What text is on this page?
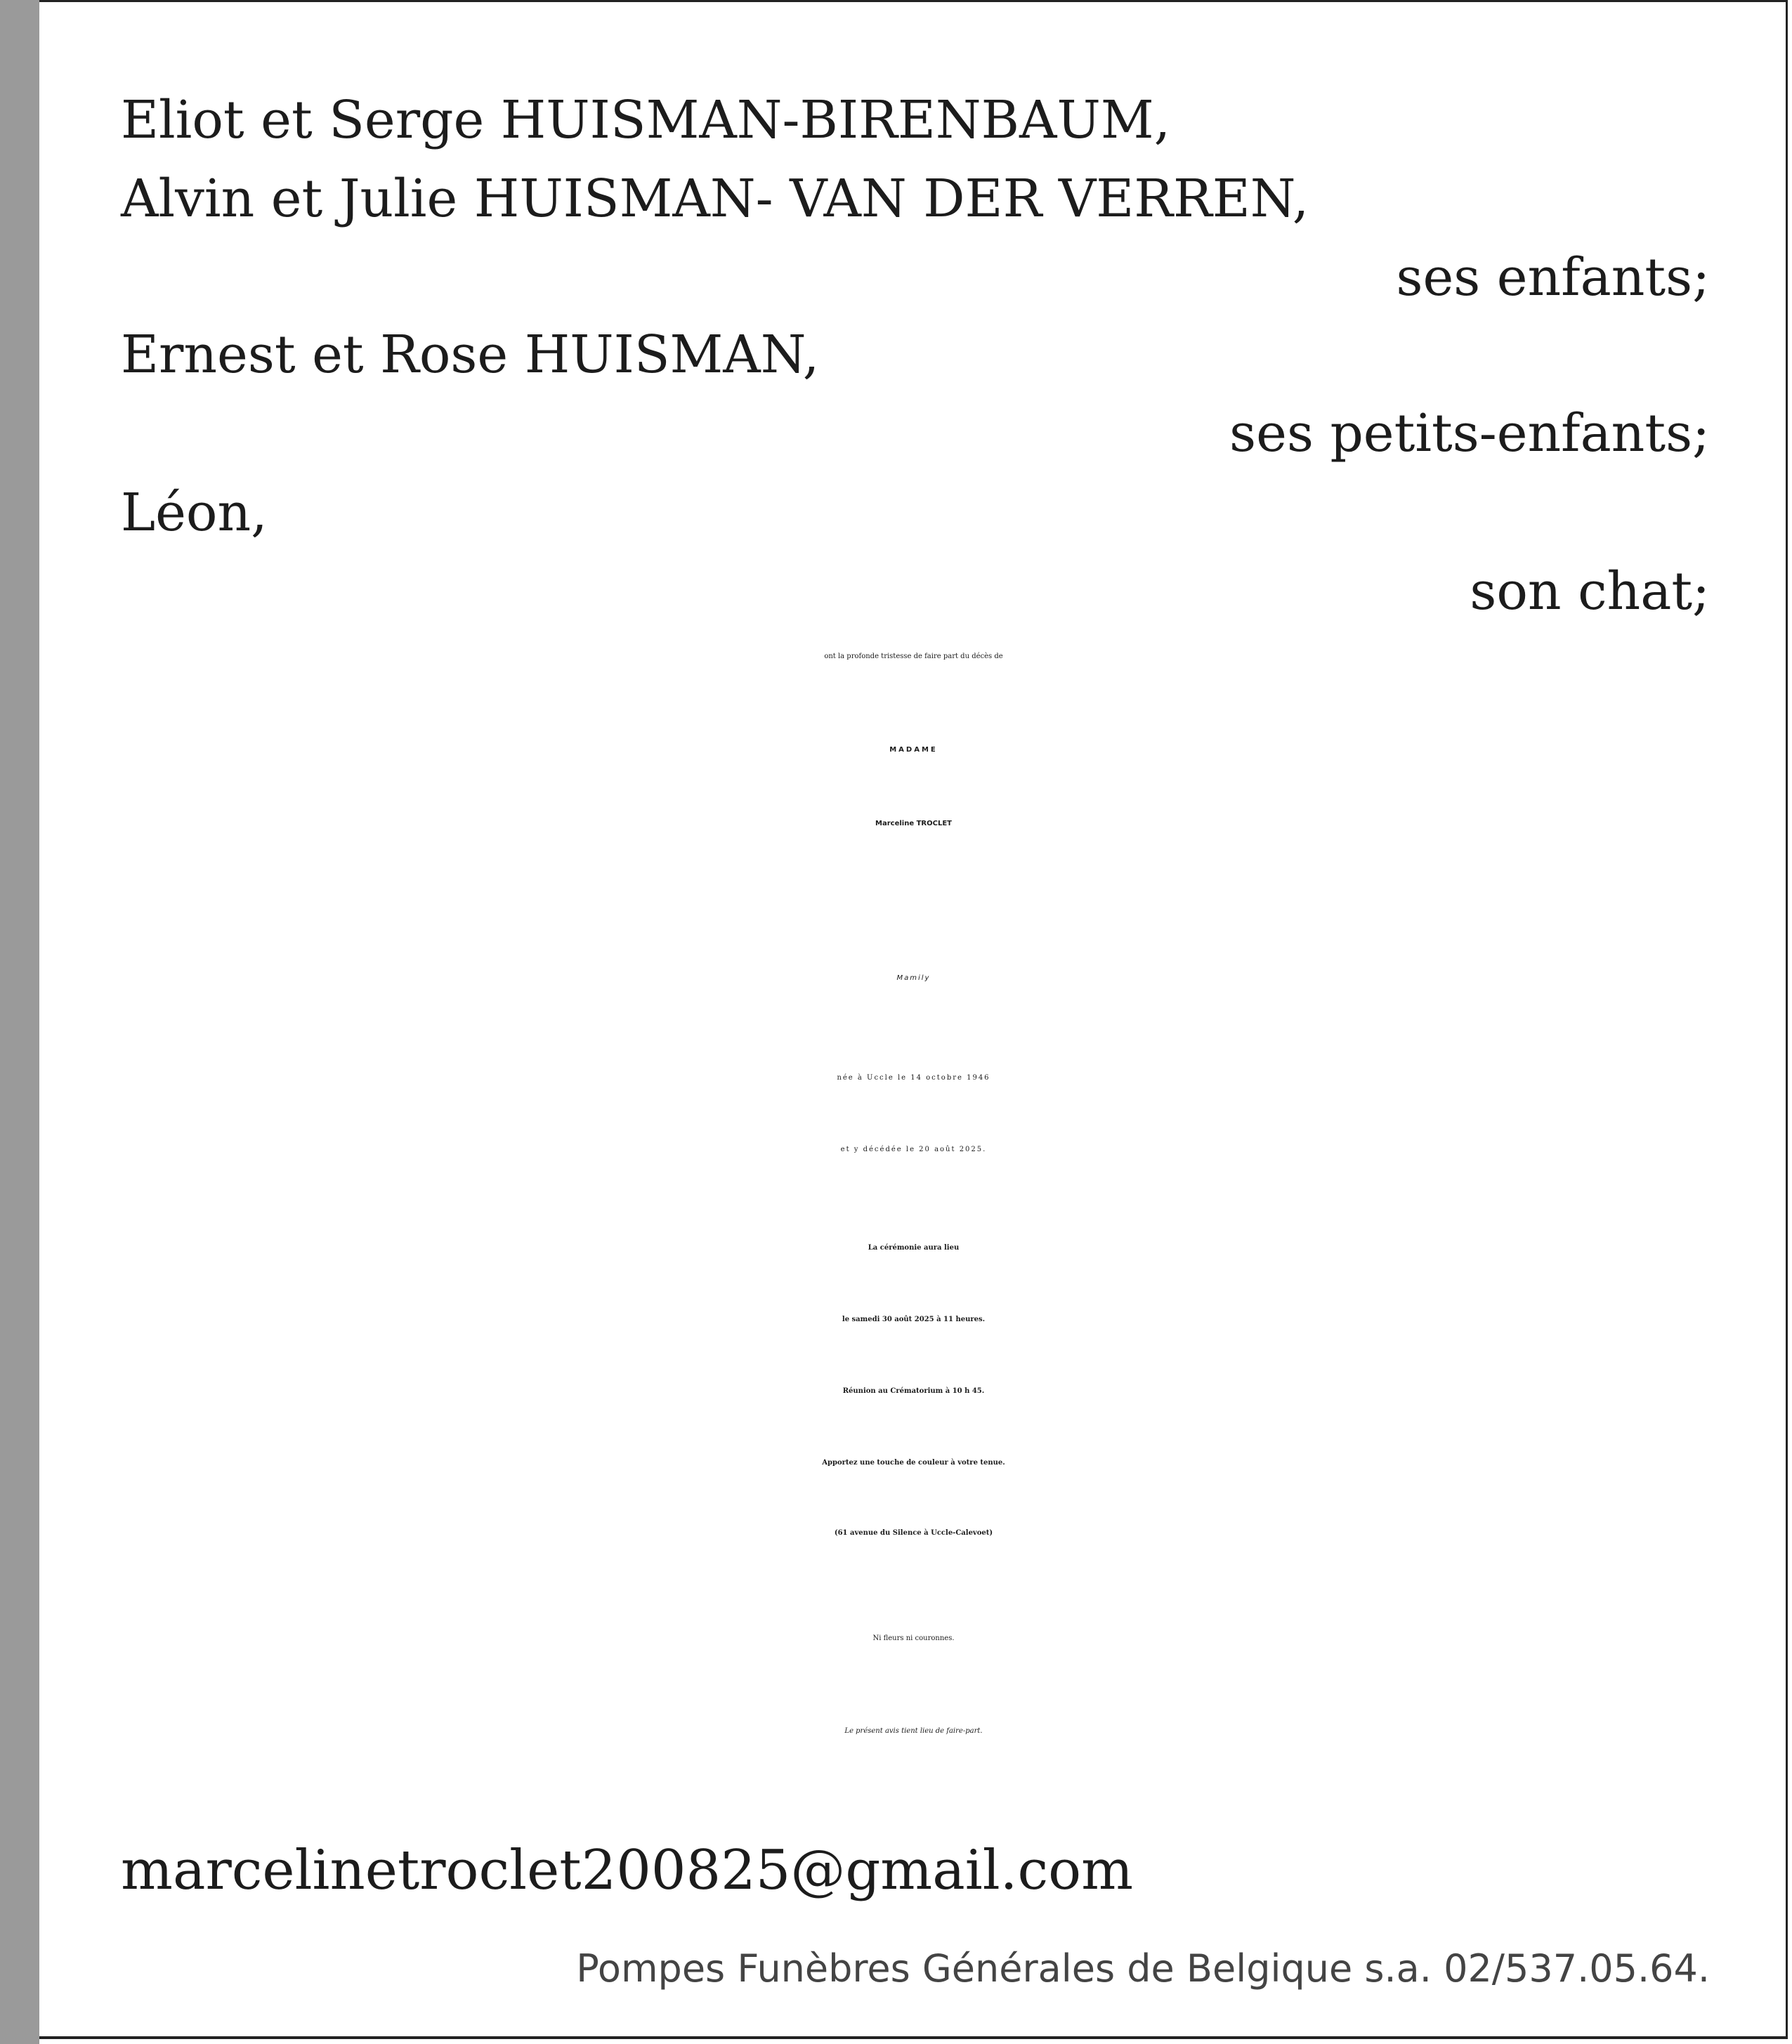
Eliot et Serge HUISMAN-BIRENBAUM,
Alvin et Julie HUISMAN- VAN DER VERREN,
ses enfants;
Ernest et Rose HUISMAN,
ses petits-enfants;
Léon,
son chat;
ont la profonde tristesse de faire part du décès de
MADAME
Marceline TROCLET
Mamily
née à Uccle le 14 octobre 1946
et y décédée le 20 août 2025.
La cérémonie aura lieu
le samedi 30 août 2025 à 11 heures.
Réunion au Crématorium à 10 h 45.
Apportez une touche de couleur à votre tenue.
(61 avenue du Silence à Uccle-Calevoet)
Ni fleurs ni couronnes.
Le présent avis tient lieu de faire-part.
marcelinetroclet200825@gmail.com
Pompes Funèbres Générales de Belgique s.a. 02/537.05.64.
